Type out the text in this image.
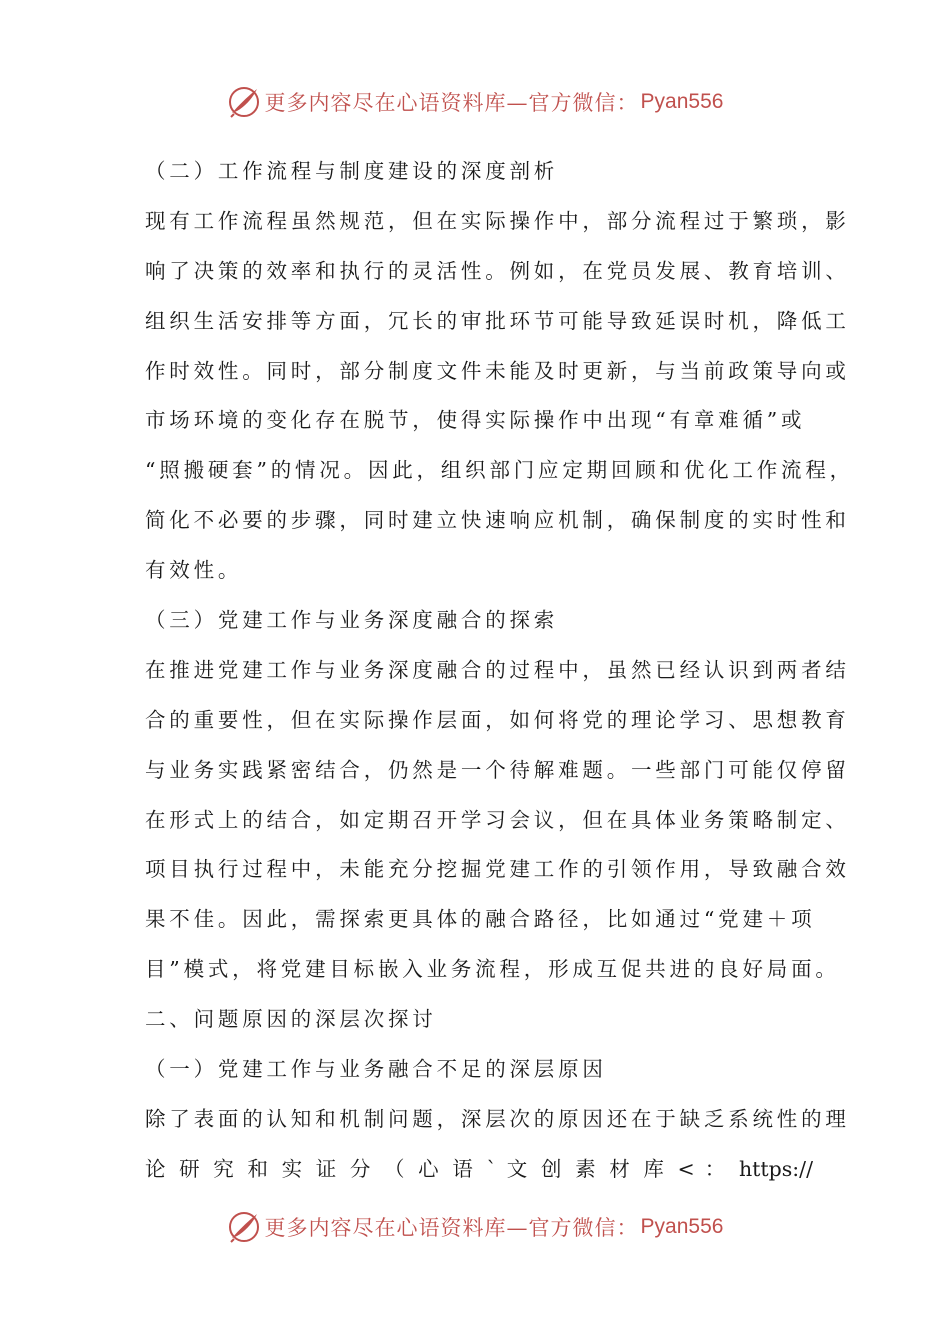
更多内容尽在心语资料库—官方微信： Pyan556
（二）工作流程与制度建设的深度剖析
现有工作流程虽然规范，但在实际操作中，部分流程过于繁琐，影
响了决策的效率和执行的灵活性。例如，在党员发展、教育培训、
组织生活安排等方面，冗长的审批环节可能导致延误时机，降低工
作时效性。同时，部分制度文件未能及时更新，与当前政策导向或
市场环境的变化存在脱节，使得实际操作中出现“有章难循”或
“照搬硬套”的情况。因此，组织部门应定期回顾和优化工作流程，
简化不必要的步骤，同时建立快速响应机制，确保制度的实时性和
有效性。
（三）党建工作与业务深度融合的探索
在推进党建工作与业务深度融合的过程中，虽然已经认识到两者结
合的重要性，但在实际操作层面，如何将党的理论学习、思想教育
与业务实践紧密结合，仍然是一个待解难题。一些部门可能仅停留
在形式上的结合，如定期召开学习会议，但在具体业务策略制定、
项目执行过程中，未能充分挖掘党建工作的引领作用，导致融合效
果不佳。因此，需探索更具体的融合路径，比如通过“党建＋项
目”模式，将党建目标嵌入业务流程，形成互促共进的良好局面。
二、问题原因的深层次探讨
（一）党建工作与业务融合不足的深层原因
除了表面的认知和机制问题，深层次的原因还在于缺乏系统性的理
论 研 究 和 实 证 分 （ 心 语 ` 文 创 素 材 库 < ： https://
更多内容尽在心语资料库—官方微信： Pyan556
